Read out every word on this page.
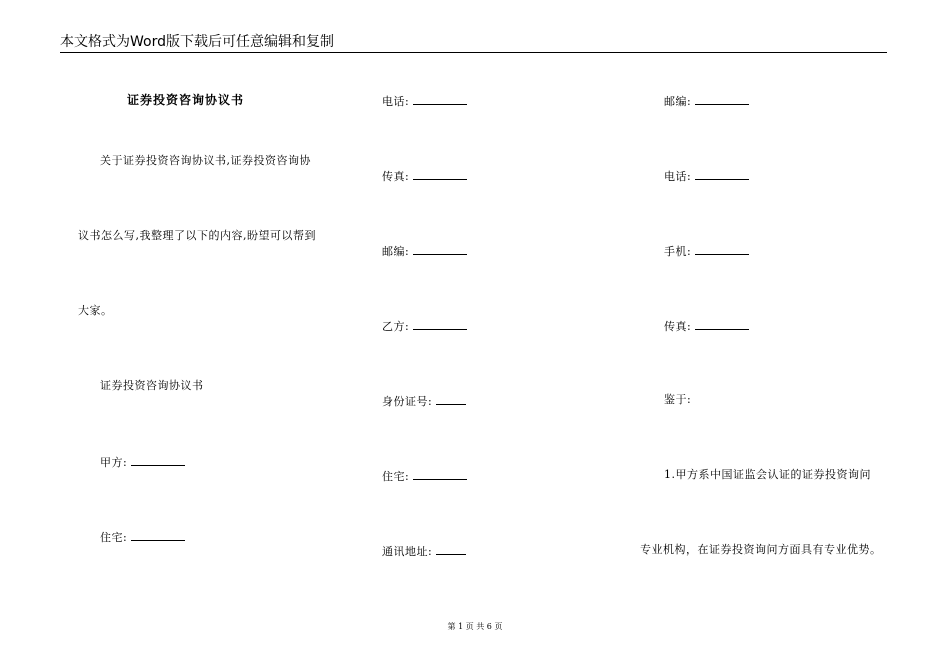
本文格式为Word版下载后可任意编辑和复制
证券投资咨询协议书
关于证券投资咨询协议书,证券投资咨询协
议书怎么写,我整理了以下的内容,盼望可以帮到
大家。
证券投资咨询协议书
甲方:
住宅:
电话:
传真:
邮编:
乙方:
身份证号:
住宅:
通讯地址:
邮编:
电话:
手机:
传真:
鉴于:
1.甲方系中国证监会认证的证券投资询问
专业机构，在证券投资询问方面具有专业优势。
第 1 页 共 6 页
